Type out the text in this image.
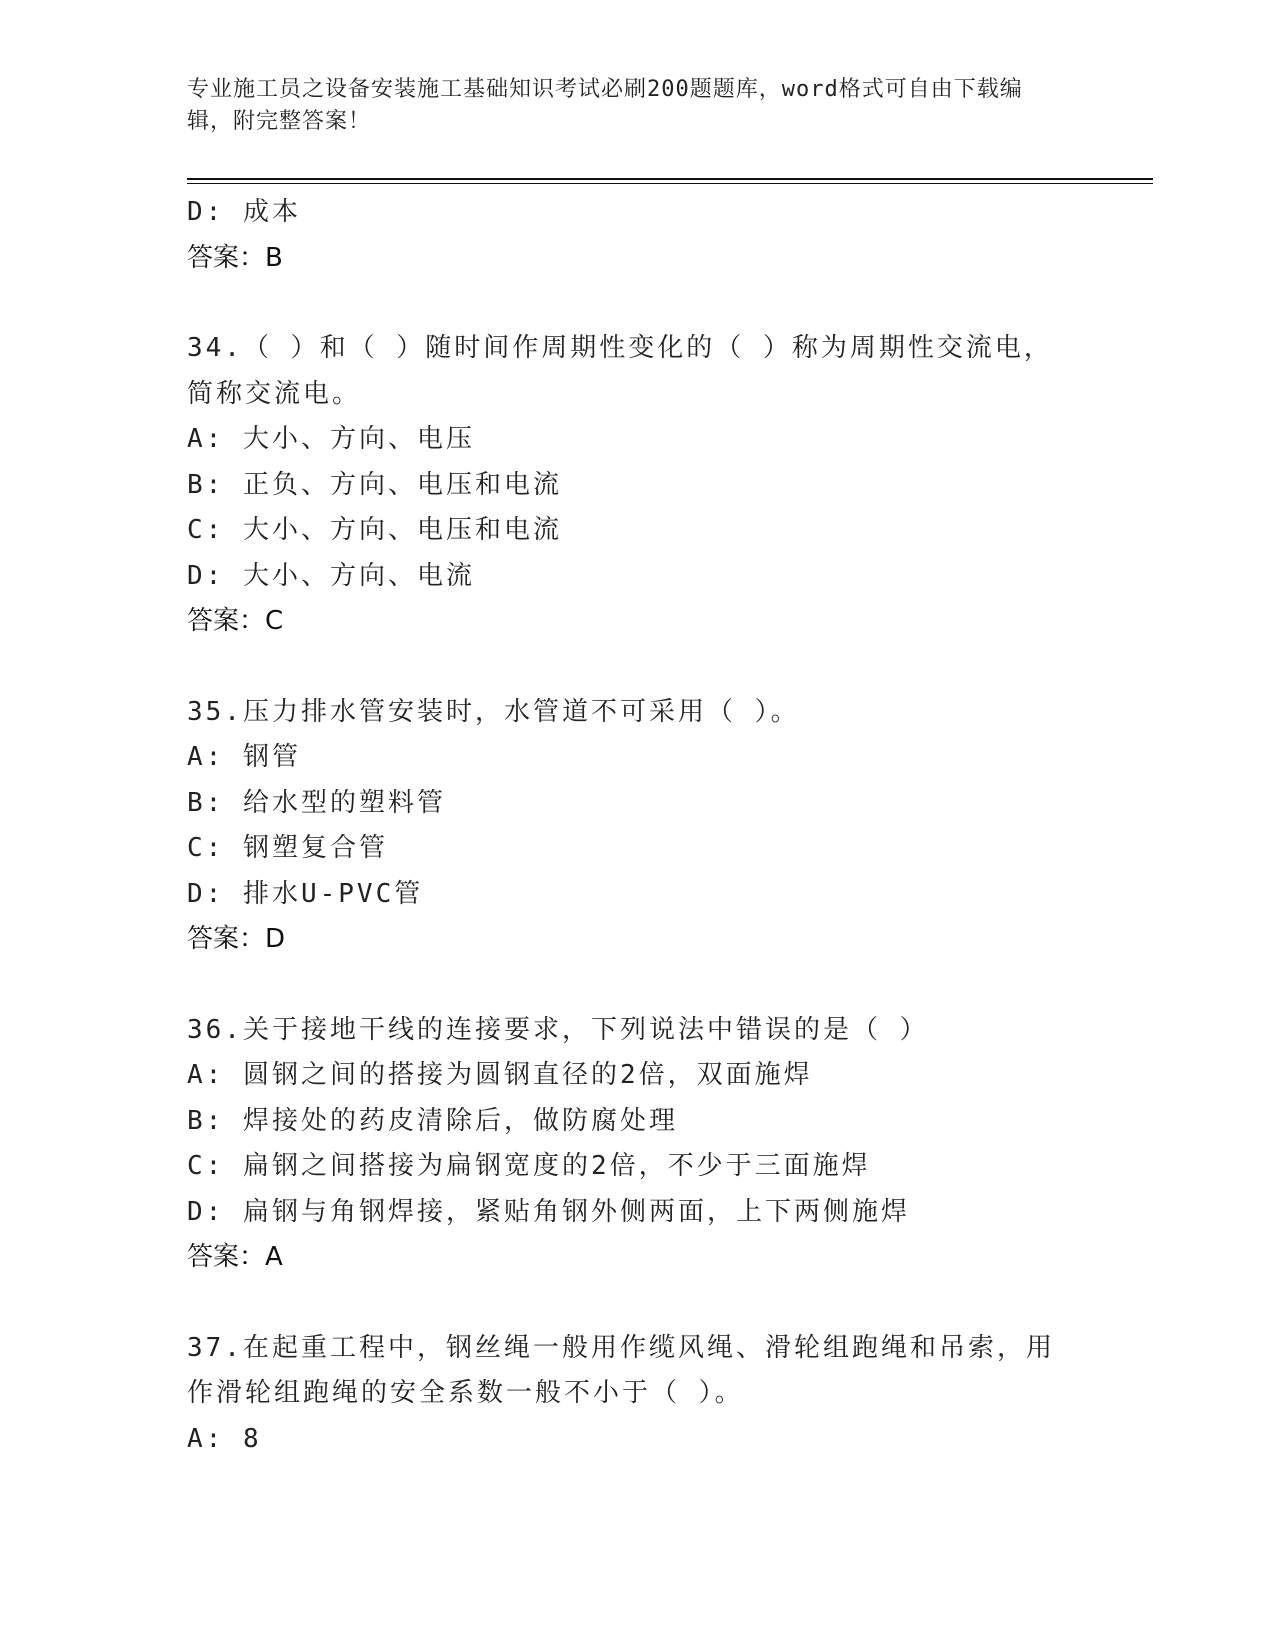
专业施工员之设备安装施工基础知识考试必刷200题题库，word格式可自由下载编辑，附完整答案！
D: 成本
答案：B
34.（ ）和（ ）随时间作周期性变化的（ ）称为周期性交流电，简称交流电。
A: 大小、方向、电压
B: 正负、方向、电压和电流
C: 大小、方向、电压和电流
D: 大小、方向、电流
答案：C
35.压力排水管安装时，水管道不可采用（ ）。
A: 钢管
B: 给水型的塑料管
C: 钢塑复合管
D: 排水U-PVC管
答案：D
36.关于接地干线的连接要求，下列说法中错误的是（ ）
A: 圆钢之间的搭接为圆钢直径的2倍，双面施焊
B: 焊接处的药皮清除后，做防腐处理
C: 扁钢之间搭接为扁钢宽度的2倍，不少于三面施焊
D: 扁钢与角钢焊接，紧贴角钢外侧两面，上下两侧施焊
答案：A
37.在起重工程中，钢丝绳一般用作缆风绳、滑轮组跑绳和吊索，用作滑轮组跑绳的安全系数一般不小于（ ）。
A: 8
